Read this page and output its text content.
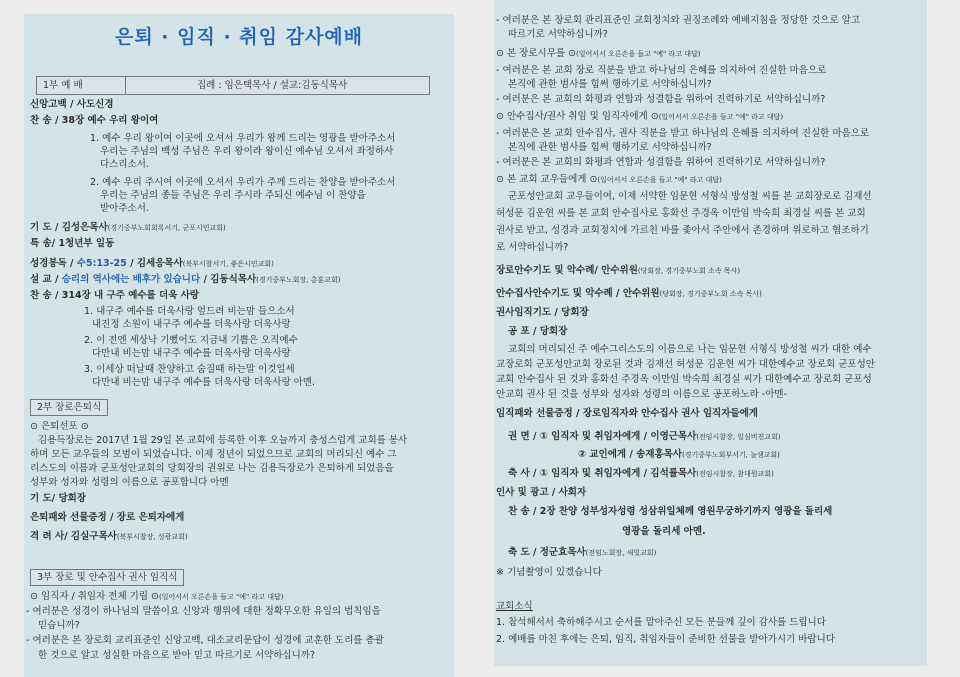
은퇴 · 임직 · 취임 감사예배
1부 예 배	집례 : 임은택목사 / 설교:김동식목사
신앙고백 / 사도신경
찬 송 / 38장 예수 우리 왕이여
1. 예수 우리 왕이여 이곳에 오셔서 우리가 왕께 드리는 영광을 받아주소서
우리는 주님의 백성 주님은 우리 왕이라 왕이신 예수님 오셔서 좌정하사
다스리소서.
2. 예수 우리 주시여 이곳에 오셔서 우리가 주께 드리는 찬양을 받아주소서
우리는 주님의 종들 주님은 우리 주시라 주되신 예수님 이 찬양을
받아주소서.
기 도 / 김성은목사(경기중부노회회록서기, 군포시민교회)
특 송/ 1청년부 일동
성경봉독 / 수5:13-25 / 김세응목사(북부시찰서기, 좋은시민교회)
설 교 / 승리의 역사에는 배후가 있습니다 / 김동식목사(경기중부노회장, 총훈교회)
찬 송 / 314장 내 구주 예수를 더욱 사랑
1. 내구주 예수를 더욱사랑 엎드려 비는맘 들으소서
내진정 소원이 내구주 예수를 더욱사랑 더욱사랑
2. 이 전엔 세상낙 기뻤어도 지금내 기쁨은 오직예수
다만내 비는맘 내구주 예수를 더욱사랑 더욱사랑
3. 이세상 떠날때 찬양하고 숨질때 하는말 이것일세
다만내 비는맘 내구주 예수를 더욱사랑 더욱사랑 아멘.
⊙ 은퇴선포 ⊙
김용득장로는 2017년 1월 29일 본 교회에 등록한 이후 오늘까지 충성스럽게 교회를 봉사
하며 모든 교우들의 모범이 되었습니다. 이제 정년이 되었으므로 교회의 머리되신 예수 그
리스도의 이름과 군포성안교회의 당회장의 권위로 나는 김용득장로가 은퇴하게 되었음을
성부와 성자와 성령의 이름으로 공포합니다 아멘
기 도/ 당회장
은퇴패와 선물증정 / 장로 은퇴자에게
격 려 사/ 김실구목사(북부시찰장, 성광교회)
⊙ 임직자 / 취임자 전체 기립 ⊙(일어서서 오른손을 들고 "예" 라고 대답)
- 여러분은 성경이 하나님의 말씀이요 신앙과 행위에 대한 정확무오한 유일의 법칙임을
믿습니까?
- 여러분은 본 장로회 교리표준인 신앙고백, 대소교리문답이 성경에 교훈한 도리를 총괄
한 것으로 알고 성실한 마음으로 받아 믿고 따르기로 서약하십니까?
2부 장로은퇴식
3부 장로 및 안수집사 권사 임직식
- 여러분은 본 장로회 관리표준인 교회정치와 권징조례와 예배지침을 정당한 것으로 알고
따르기로 서약하십니까?
⊙ 본 장로시무를 ⊙(일어서서 오른손을 들고 "예" 라고 대답)
- 여러분은 본 교회 장로 직분을 받고 하나님의 은혜를 의지하여 진실한 마음으로
본직에 관한 범사를 힘써 행하기로 서약하십니까?
- 여러분은 본 교회의 화평과 연합과 성결함을 위하여 진력하기로 서약하십니까?
⊙ 안수집사/권사 취임 및 임직자에게 ⊙(일어서서 오른손을 들고 "예" 라고 대답)
- 여러분은 본 교회 안수집사, 권사 직분을 받고 하나님의 은혜를 의지하여 진실한 마음으로
본직에 관한 범사를 힘써 행하기로 서약하십니까?
- 여러분은 본 교회의 화평과 연합과 성결함을 위하여 진력하기로 서약하십니까?
⊙ 본 교회 교우들에게 ⊙(일어서서 오른손을 들고 "예" 라고 대답)
군포성안교회 교우들이여, 이제 서약한 임문현 서형식 방성철 씨를 본 교회장로로 김재선
허성문 김운현 씨를 본 교회 안수집사로 홍화선 주경옥 이만임 박숙희 최경실 씨를 본 교회
권사로 받고, 성경과 교회정치에 가르친 바를 좇아서 주안에서 존경하며 위로하고 협조하기
로 서약하십니까?
장로안수기도 및 악수례/ 안수위원(당회장, 경기중부노회 소속 목사)
안수집사안수기도 및 악수례 / 안수위원(당회장, 경기중부노회 소속 목사)
권사임직기도 / 당회장
공 포 / 당회장
교회의 머리되신 주 예수그리스도의 이름으로 나는 임문현 서형식 방성철 씨가 대한 예수
교장로회 군포성안교회 장로된 것과 김재선 허성문 김운현 씨가 대한예수교 장로회 군포성안
교회 안수집사 된 것과 홍화선 주경옥 이만임 박숙희 최경실 씨가 대한예수교 장로회 군포성
안교회 권사 된 것을 성부와 성자와 성령의 이름으로 공포하노라 -아멘-
임직패와 선물증정 / 장로임직자와 안수집사 권사 임직자들에게
권 면 / ① 임직자 및 취임자에게 / 이영근목사(전임시찰장, 일심비전교회)
② 교인에게 / 송재홍목사(경기중부노회부서기, 늘샘교회)
축 사 / ① 임직자 및 취임자에게 / 김석률목사(전임시찰장, 참대원교회)
인사 및 광고 / 사회자
찬 송 / 2장 찬양 성부성자성령 성삼위일체께 영원무궁하기까지 영광을 돌리세
영광을 돌리세 아멘.
축 도 / 정군효목사(전임노회장, 새빛교회)
※ 기념촬영이 있겠습니다
교회소식
1. 참석해서서 축하해주시고 순서를 맡아주신 모든 분들께 깊이 감사를 드립니다
2. 예배를 마친 후에는 은퇴, 임직, 취임자들이 준비한 선물을 받아가시기 바랍니다
